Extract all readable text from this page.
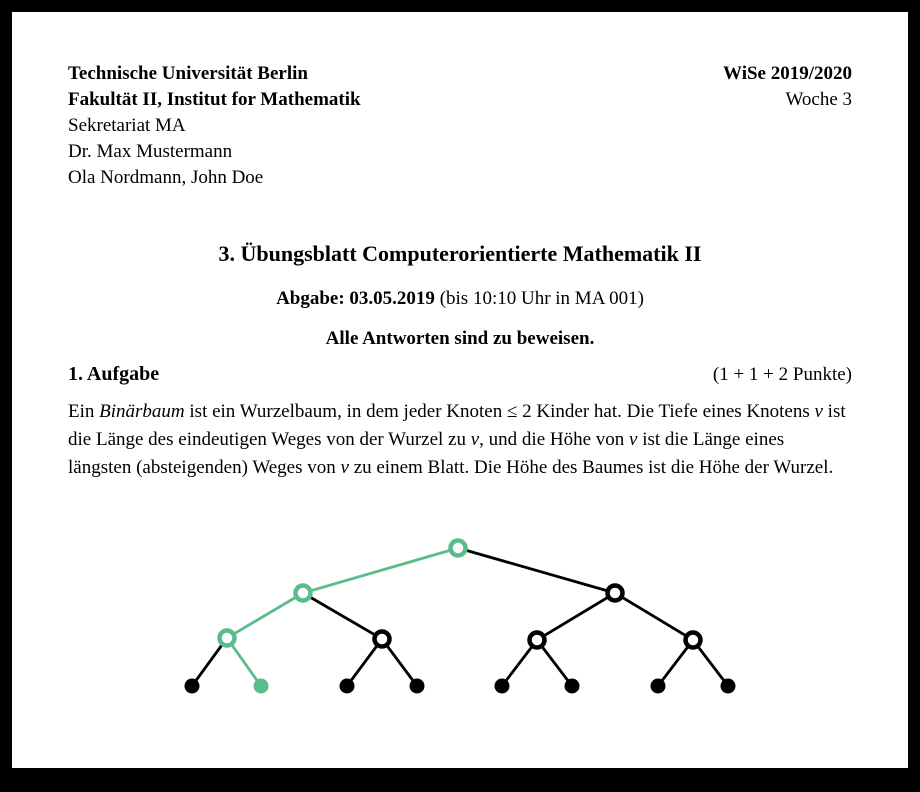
Technische Universität Berlin
Fakultät II, Institut for Mathematik
Sekretariat MA
Dr. Max Mustermann
Ola Nordmann, John Doe
WiSe 2019/2020
Woche 3
3. Übungsblatt Computerorientierte Mathematik II
Abgabe: 03.05.2019 (bis 10:10 Uhr in MA 001)
Alle Antworten sind zu beweisen.
1. Aufgabe	(1 + 1 + 2 Punkte)
Ein Binärbaum ist ein Wurzelbaum, in dem jeder Knoten ≤ 2 Kinder hat. Die Tiefe eines Knotens v ist die Länge des eindeutigen Weges von der Wurzel zu v, und die Höhe von v ist die Länge eines längsten (absteigenden) Weges von v zu einem Blatt. Die Höhe des Baumes ist die Höhe der Wurzel.
